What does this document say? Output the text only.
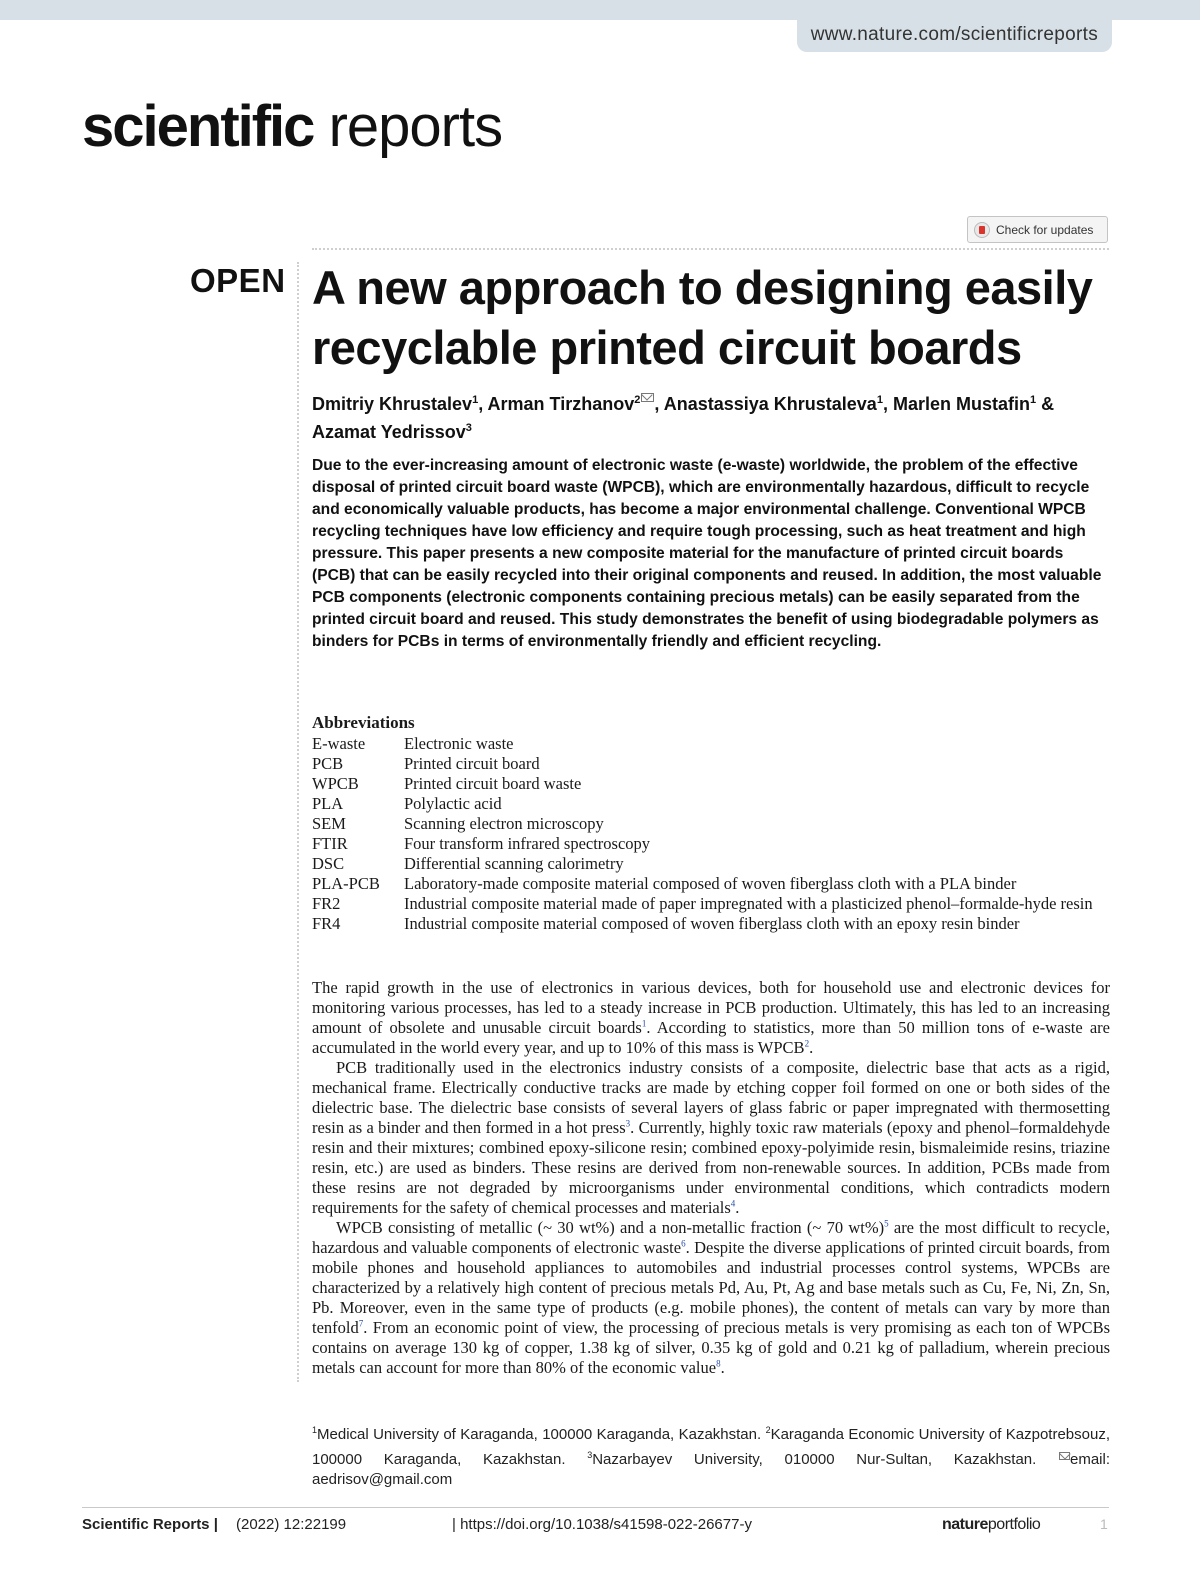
www.nature.com/scientificreports
scientific reports
Check for updates
OPEN A new approach to designing easily recyclable printed circuit boards
Dmitriy Khrustalev$^1$, Arman Tirzhanov$^2$ , Anastassiya Khrustaleva$^1$, Marlen Mustafin$^1$ & Azamat Yedrissov$^3$

Due to the ever-increasing amount of electronic waste (e-waste) worldwide, the problem of the effective disposal of printed circuit board waste (WPCB), which are environmentally hazardous, difficult to recycle and economically valuable products, has become a major environmental challenge. Conventional WPCB recycling techniques have low efficiency and require tough processing, such as heat treatment and high pressure. This paper presents a new composite material for the manufacture of printed circuit boards (PCB) that can be easily recycled into their original components and reused. In addition, the most valuable PCB components (electronic components containing precious metals) can be easily separated from the printed circuit board and reused. This study demonstrates the benefit of using biodegradable polymers as binders for PCBs in terms of environmentally friendly and efficient recycling.

Abbreviations
E-waste	Electronic waste
PCB	Printed circuit board
WPCB	Printed circuit board waste
PLA	Polylactic acid
SEM	Scanning electron microscopy
FTIR	Four transform infrared spectroscopy
DSC	Differential scanning calorimetry
PLA-PCB	Laboratory-made composite material composed of woven fiberglass cloth with a PLA binder
FR2	Industrial composite material made of paper impregnated with a plasticized phenol–formalde-hyde resin
FR4	Industrial composite material composed of woven fiberglass cloth with an epoxy resin binder

The rapid growth in the use of electronics in various devices, both for household use and electronic devices for monitoring various processes, has led to a steady increase in PCB production. Ultimately, this has led to an increasing amount of obsolete and unusable circuit boards$^1$. According to statistics, more than 50 million tons of e-waste are accumulated in the world every year, and up to 10% of this mass is WPCB$^2$.

PCB traditionally used in the electronics industry consists of a composite, dielectric base that acts as a rigid, mechanical frame. Electrically conductive tracks are made by etching copper foil formed on one or both sides of the dielectric base. The dielectric base consists of several layers of glass fabric or paper impregnated with thermosetting resin as a binder and then formed in a hot press$^3$. Currently, highly toxic raw materials (epoxy and phenol–formaldehyde resin and their mixtures; combined epoxy-silicone resin; combined epoxy-polyimide resin, bismaleimide resins, triazine resin, etc.) are used as binders. These resins are derived from non-renewable sources. In addition, PCBs made from these resins are not degraded by microorganisms under environmental conditions, which contradicts modern requirements for the safety of chemical processes and materials$^4$.

WPCB consisting of metallic (~ 30 wt%) and a non-metallic fraction (~ 70 wt%)$^5$ are the most difficult to recycle, hazardous and valuable components of electronic waste$^6$. Despite the diverse applications of printed circuit boards, from mobile phones and household appliances to automobiles and industrial processes control systems, WPCBs are characterized by a relatively high content of precious metals Pd, Au, Pt, Ag and base metals such as Cu, Fe, Ni, Zn, Sn, Pb. Moreover, even in the same type of products (e.g. mobile phones), the content of metals can vary by more than tenfold$^7$. From an economic point of view, the processing of precious metals is very promising as each ton of WPCBs contains on average 130 kg of copper, 1.38 kg of silver, 0.35 kg of gold and 0.21 kg of palladium, wherein precious metals can account for more than 80% of the economic value$^8$.

$^1$Medical University of Karaganda, 100000 Karaganda, Kazakhstan. $^2$Karaganda Economic University of Kazpotrebsouz, 100000 Karaganda, Kazakhstan. $^3$Nazarbayev University, 010000 Nur-Sultan, Kazakhstan. email: aedrisov@gmail.com
Scientific Reports | (2022) 12:22199	| https://doi.org/10.1038/s41598-022-26677-y	natureportfolio	1
